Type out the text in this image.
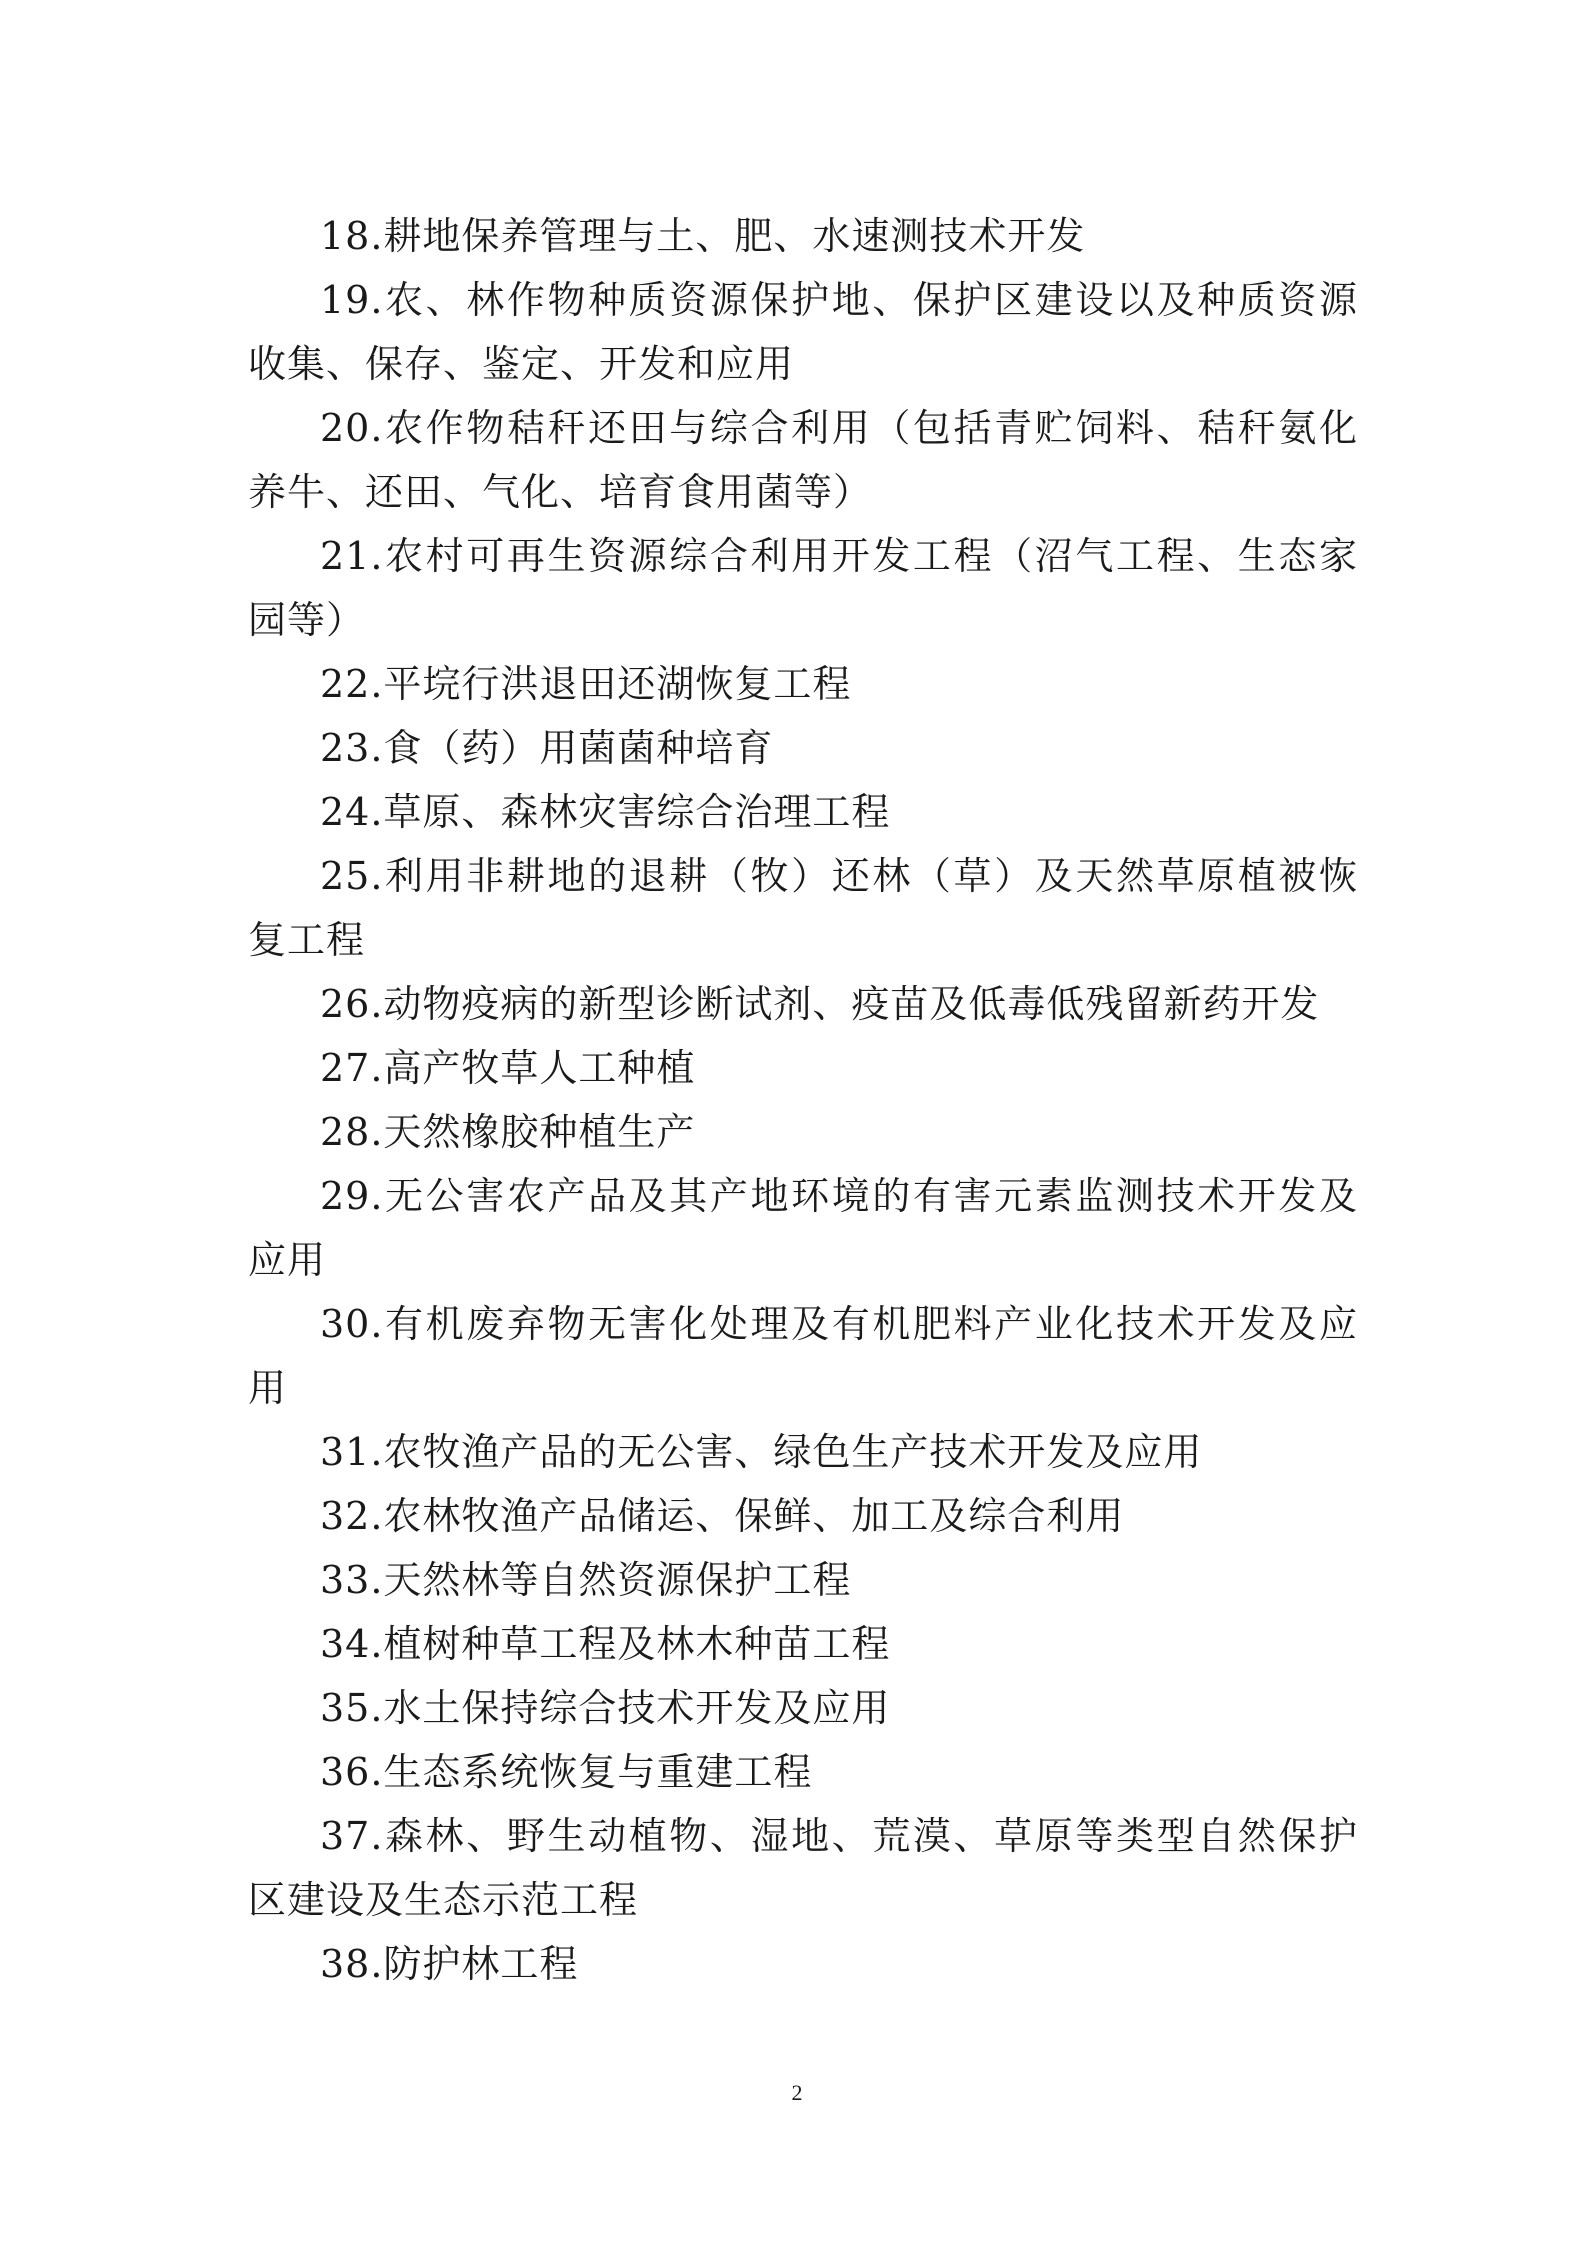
18.耕地保养管理与土、肥、水速测技术开发

19.农、林作物种质资源保护地、保护区建设以及种质资源收集、保存、鉴定、开发和应用

20.农作物秸秆还田与综合利用（包括青贮饲料、秸秆氨化养牛、还田、气化、培育食用菌等）

21.农村可再生资源综合利用开发工程（沼气工程、生态家园等）

22.平垸行洪退田还湖恢复工程

23.食（药）用菌菌种培育

24.草原、森林灾害综合治理工程

25.利用非耕地的退耕（牧）还林（草）及天然草原植被恢复工程

26.动物疫病的新型诊断试剂、疫苗及低毒低残留新药开发

27.高产牧草人工种植

28.天然橡胶种植生产

29.无公害农产品及其产地环境的有害元素监测技术开发及应用

30.有机废弃物无害化处理及有机肥料产业化技术开发及应用

31.农牧渔产品的无公害、绿色生产技术开发及应用

32.农林牧渔产品储运、保鲜、加工及综合利用

33.天然林等自然资源保护工程

34.植树种草工程及林木种苗工程

35.水土保持综合技术开发及应用

36.生态系统恢复与重建工程

37.森林、野生动植物、湿地、荒漠、草原等类型自然保护区建设及生态示范工程

38.防护林工程

2
